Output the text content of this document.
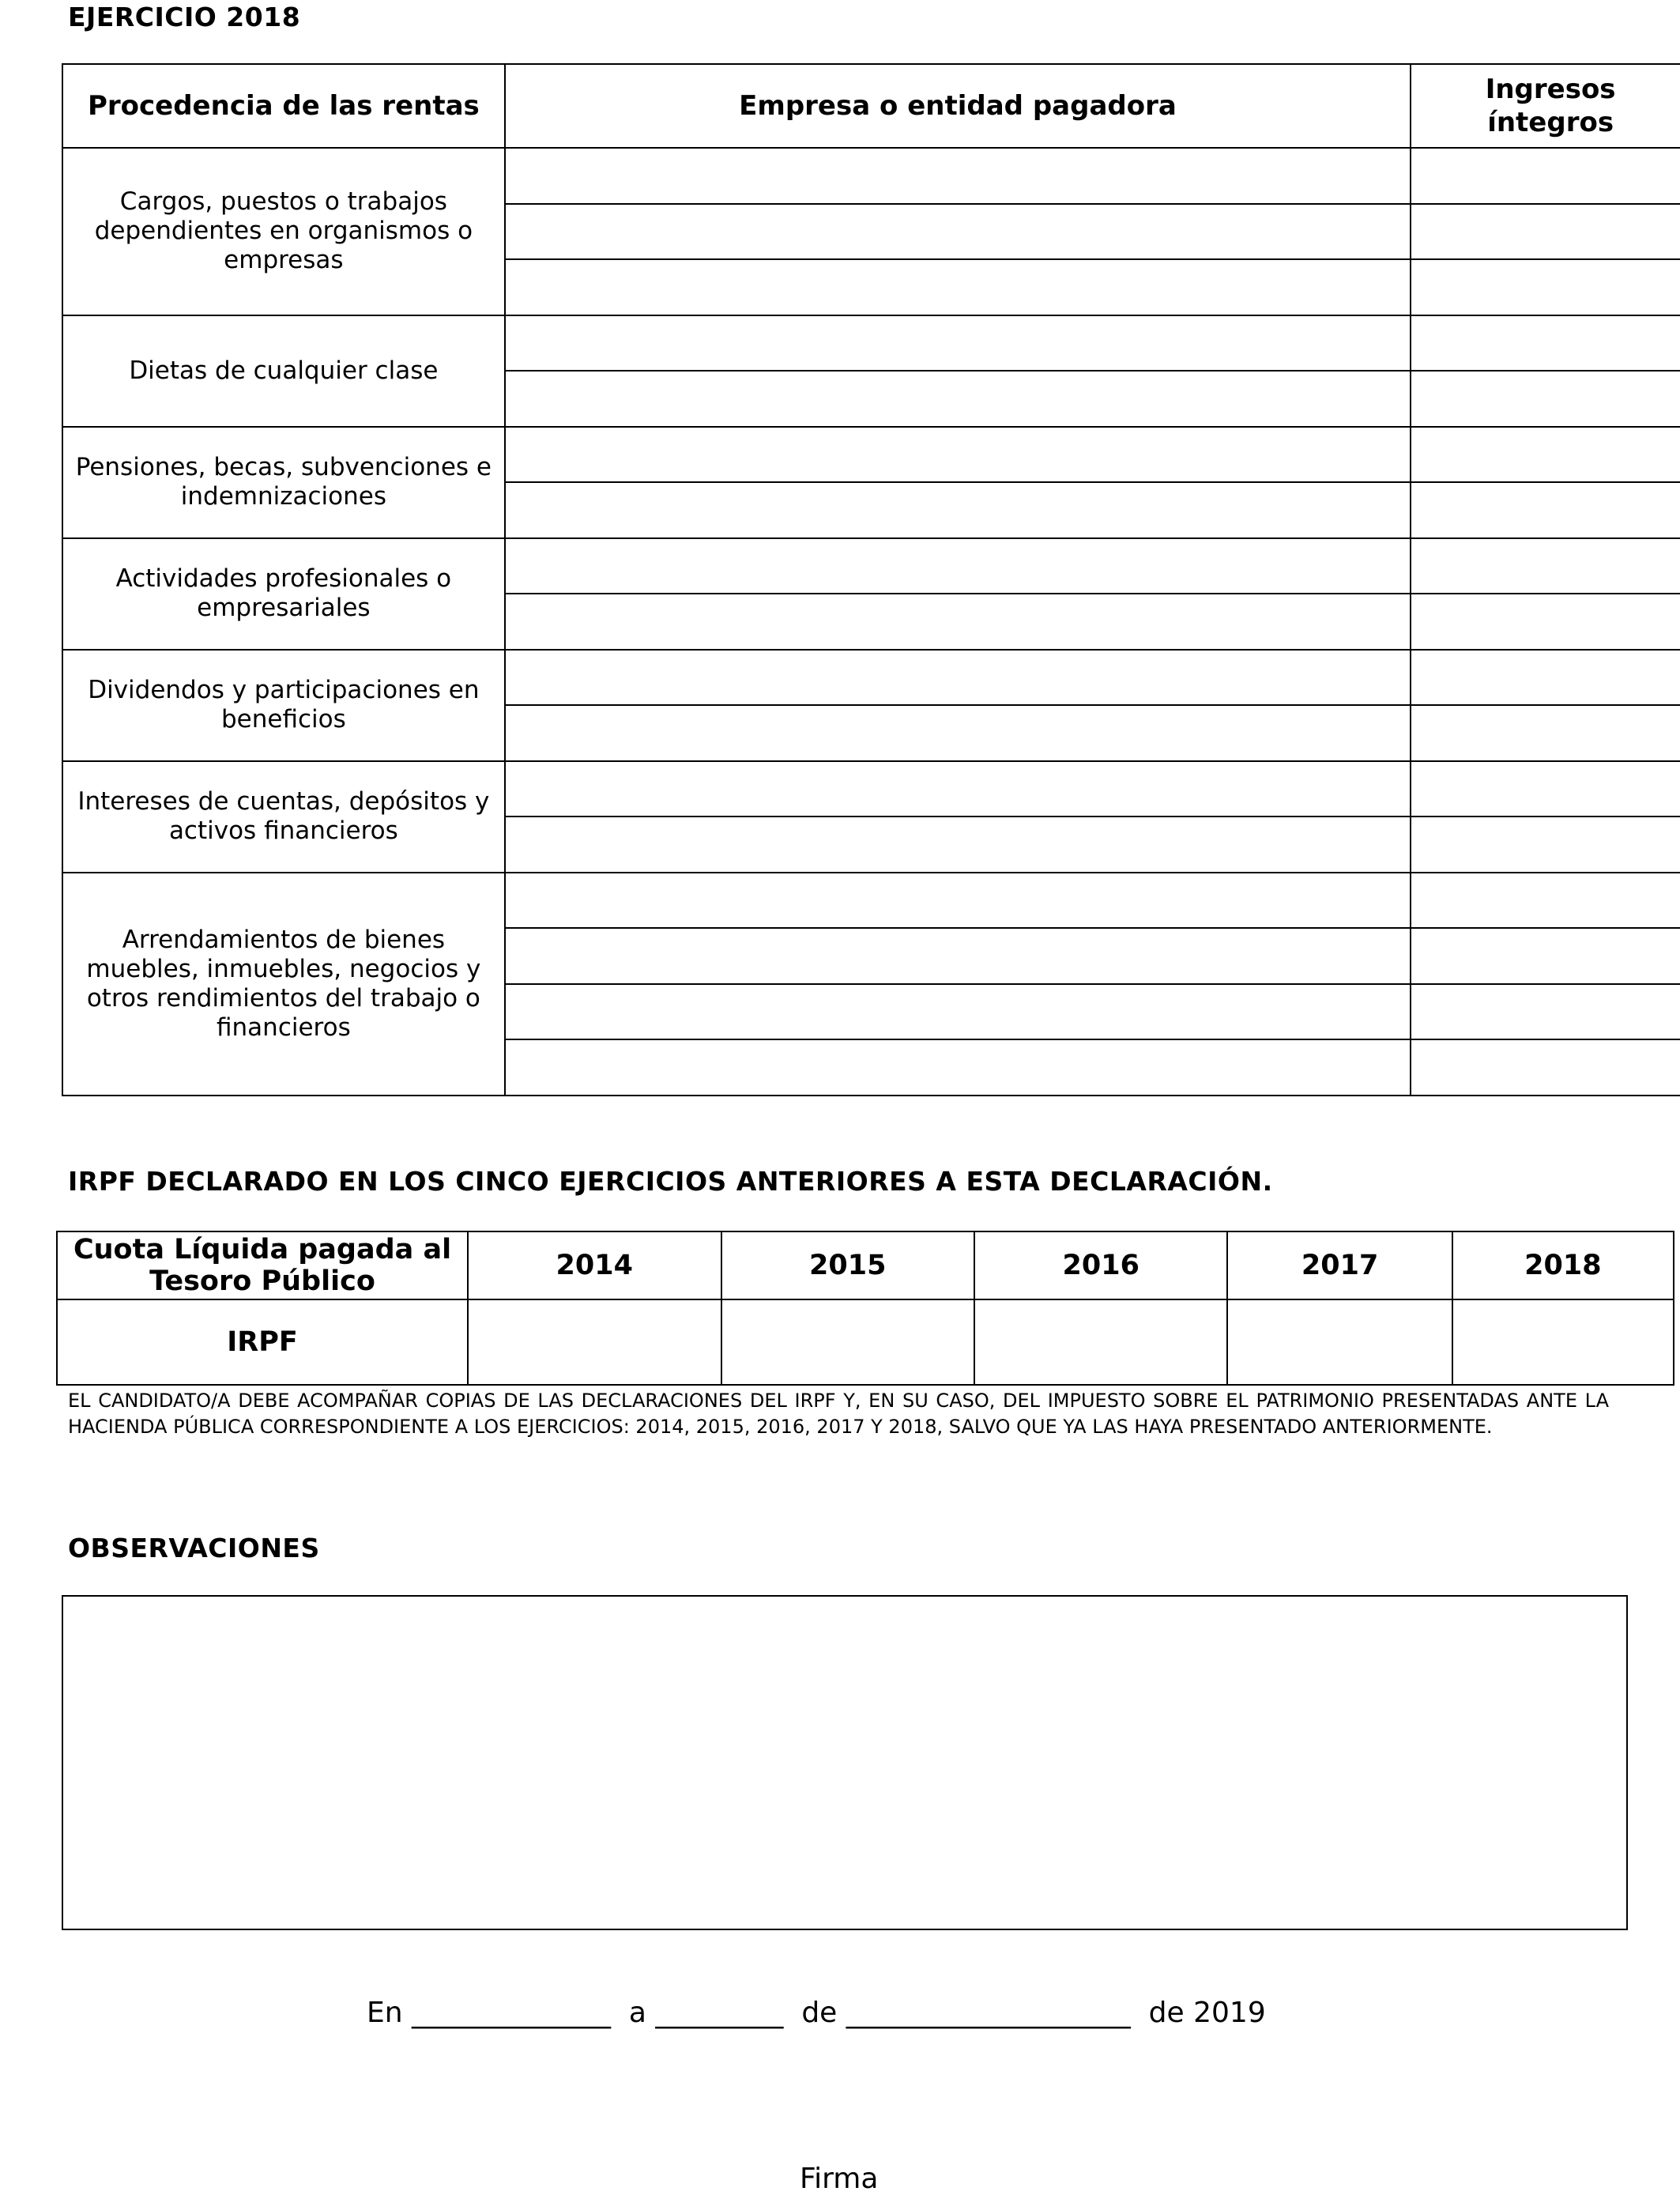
EJERCICIO 2018
Procedencia de las rentas	Empresa o entidad pagadora	Ingresos íntegros
Cargos, puestos o trabajos dependientes en organismos o empresas		

Dietas de cualquier clase		

Pensiones, becas, subvenciones e indemnizaciones		

Actividades profesionales o empresariales		

Dividendos y participaciones en beneficios		

Intereses de cuentas, depósitos y activos financieros		

Arrendamientos de bienes muebles, inmuebles, negocios y otros rendimientos del trabajo o financieros		

IRPF DECLARADO EN LOS CINCO EJERCICIOS ANTERIORES A ESTA DECLARACIÓN.
Cuota Líquida pagada al Tesoro Público	2014	2015	2016	2017	2018
IRPF					
EL CANDIDATO/A DEBE ACOMPAÑAR COPIAS DE LAS DECLARACIONES DEL IRPF Y, EN SU CASO, DEL IMPUESTO SOBRE EL PATRIMONIO PRESENTADAS ANTE LA HACIENDA PÚBLICA CORRESPONDIENTE A LOS EJERCICIOS: 2014, 2015, 2016, 2017 Y 2018, SALVO QUE YA LAS HAYA PRESENTADO ANTERIORMENTE.
OBSERVACIONES
En ______________ a _________ de ____________________ de 2019
Firma
